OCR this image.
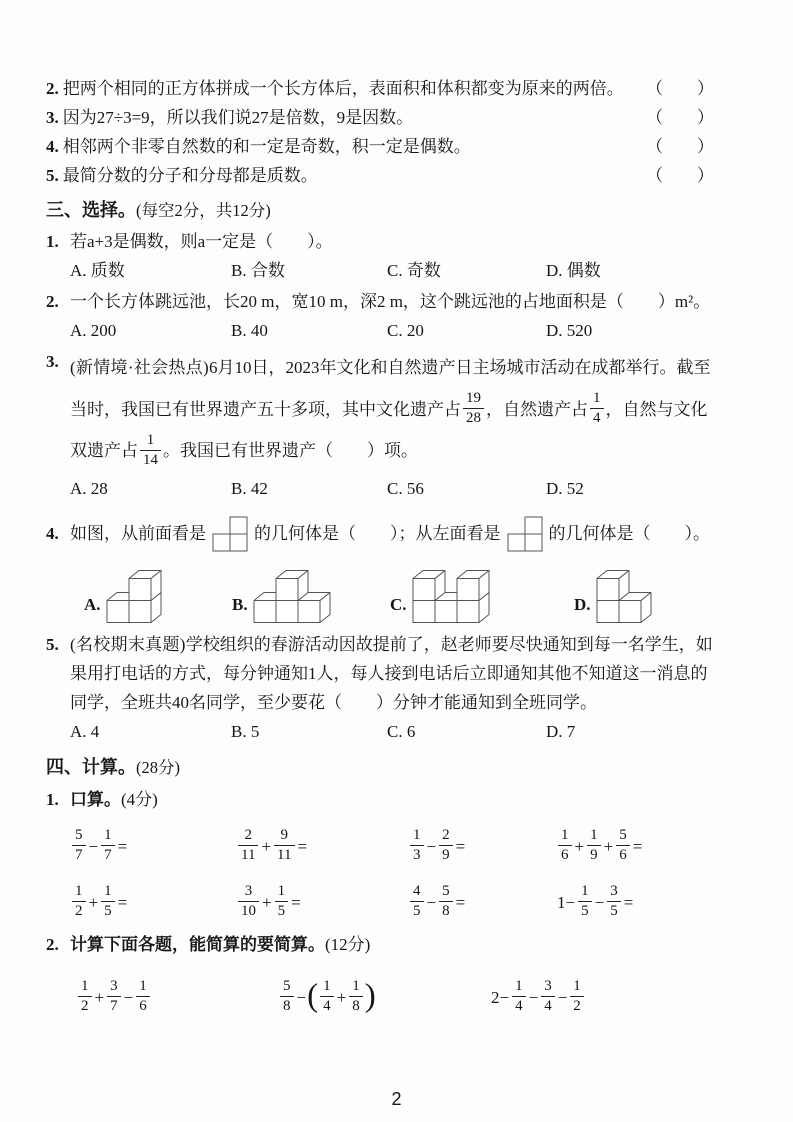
2. 把两个相同的正方体拼成一个长方体后，表面积和体积都变为原来的两倍。 （　　）
3. 因为27÷3=9，所以我们说27是倍数，9是因数。	（　　）
4. 相邻两个非零自然数的和一定是奇数，积一定是偶数。	（　　）
5. 最简分数的分子和分母都是质数。	（　　）
三、选择。(每空2分，共12分)
1. 若a+3是偶数，则a一定是（　　）。
A. 质数	B. 合数	C. 奇数	D. 偶数
2. 一个长方体跳远池，长20 m，宽10 m，深2 m，这个跳远池的占地面积是（　　）m²。
A. 200	B. 40	C. 20	D. 520
3. (新情境·社会热点)6月10日，2023年文化和自然遗产日主场城市活动在成都举行。截至当时，我国已有世界遗产五十多项，其中文化遗产占 $\frac{19}{28}$ ，自然遗产占 $\frac{1}{4}$ ，自然与文化双遗产占 $\frac{1}{14}$ 。我国已有世界遗产（　　）项。
A. 28	B. 42	C. 56	D. 52
4. 如图，从前面看是	的几何体是（　　）；从左面看是	的几何体是（　　）。
A.	B.	C.	D.
5. (名校期末真题)学校组织的春游活动因故提前了，赵老师要尽快通知到每一名学生，如果用打电话的方式，每分钟通知1人，每人接到电话后立即通知其他不知道这一消息的同学，全班共40名同学，至少要花（　　）分钟才能通知到全班同学。
A. 4	B. 5	C. 6	D. 7
四、计算。(28分)
1. 口算。(4分)
$\frac{5}{7} - \frac{1}{7}$ =	$\frac{2}{11} + \frac{9}{11}$ =	$\frac{1}{3} - \frac{2}{9}$ =	$\frac{1}{6} + \frac{1}{9} + \frac{5}{6}$ =
$\frac{1}{2} + \frac{1}{5}$ =	$\frac{3}{10} + \frac{1}{5}$ =	$\frac{4}{5} - \frac{5}{8}$ =	$1- \frac{1}{5} - \frac{3}{5}$ =
2. 计算下面各题，能简算的要简算。(12分)
$\frac{1}{2} + \frac{3}{7} - \frac{1}{6}$	$\frac{5}{8}$ −( $\frac{1}{4} + \frac{1}{8}$ )	$2- \frac{1}{4} - \frac{3}{4} - \frac{1}{2}$
2
